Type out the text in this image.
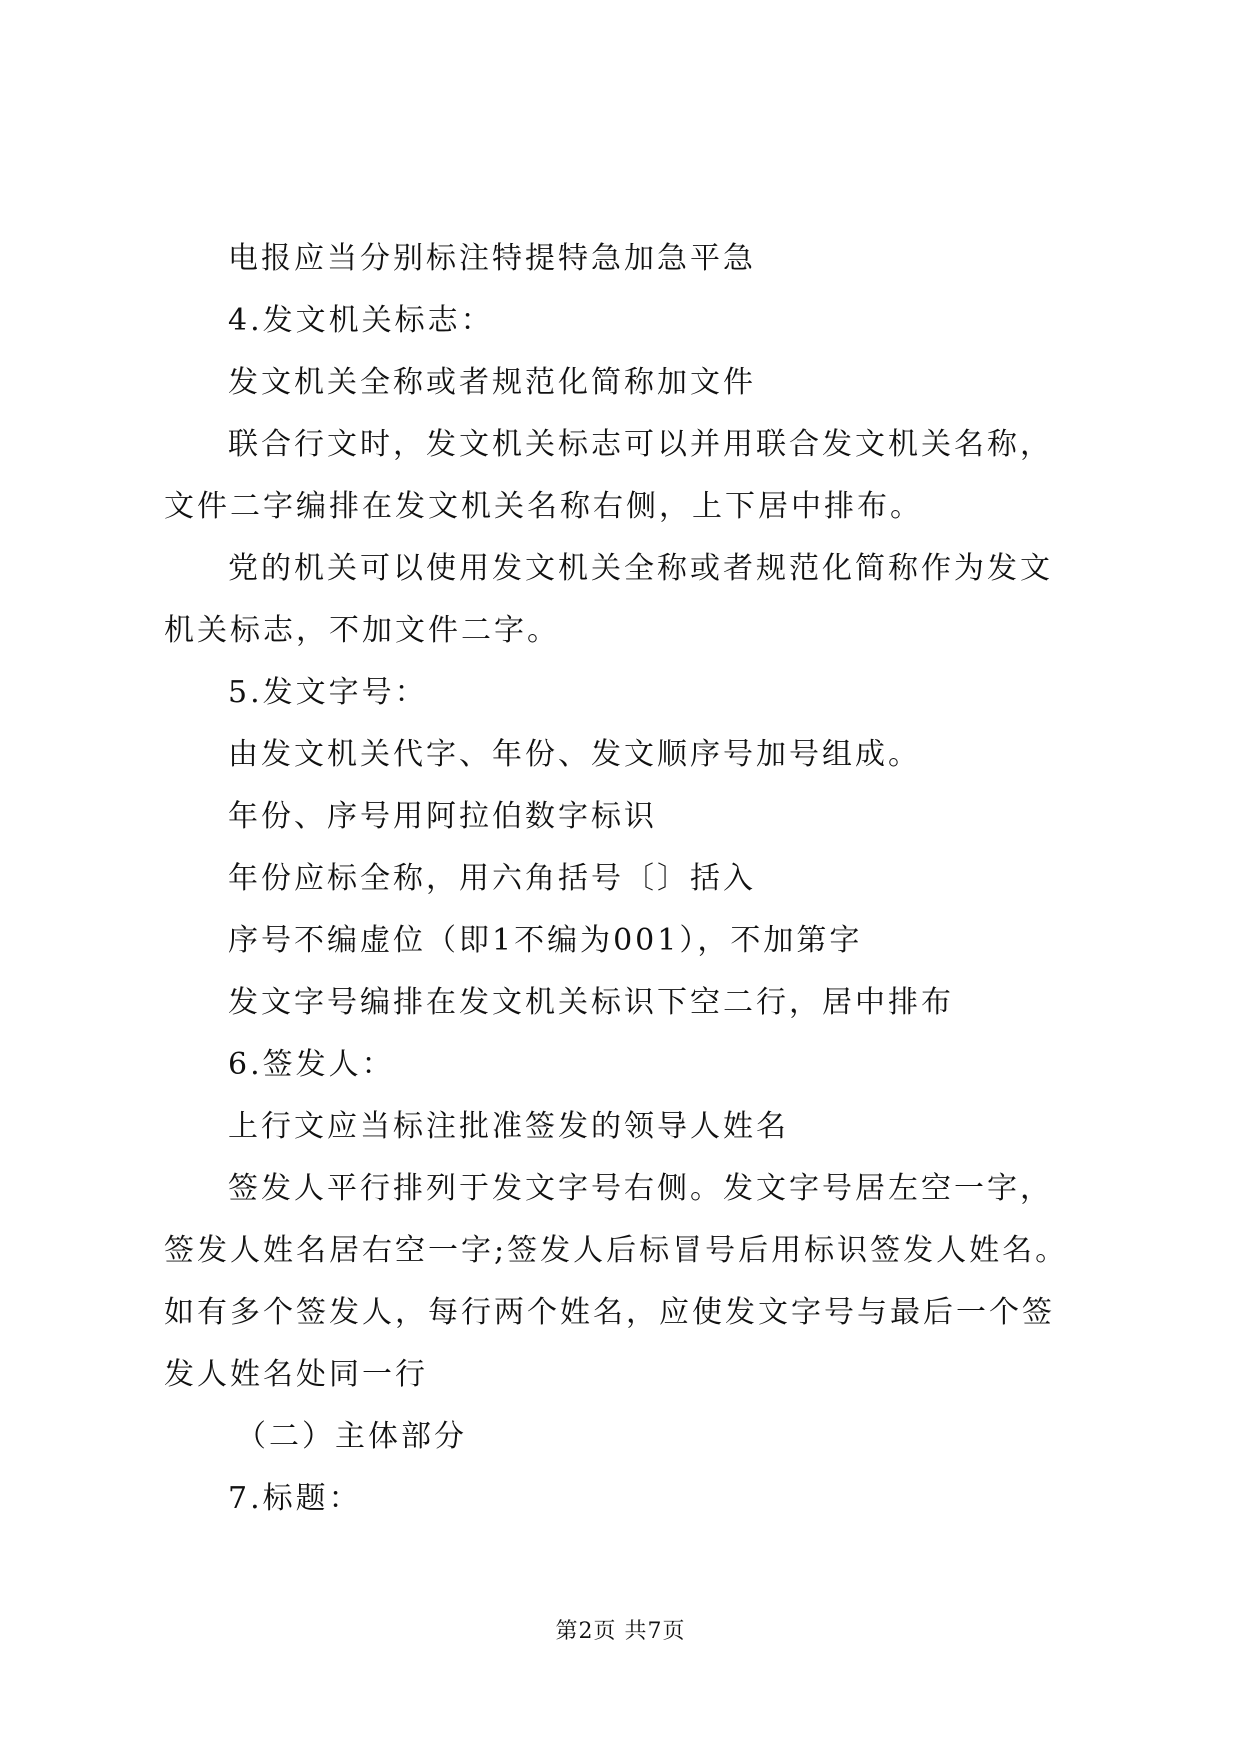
电报应当分别标注特提特急加急平急

4.发文机关标志：

发文机关全称或者规范化简称加文件

联合行文时，发文机关标志可以并用联合发文机关名称，文件二字编排在发文机关名称右侧，上下居中排布。

党的机关可以使用发文机关全称或者规范化简称作为发文机关标志，不加文件二字。

5.发文字号：

由发文机关代字、年份、发文顺序号加号组成。

年份、序号用阿拉伯数字标识

年份应标全称，用六角括号〔〕括入

序号不编虚位（即1不编为001），不加第字

发文字号编排在发文机关标识下空二行，居中排布

6.签发人：

上行文应当标注批准签发的领导人姓名

签发人平行排列于发文字号右侧。发文字号居左空一字，签发人姓名居右空一字;签发人后标冒号后用标识签发人姓名。如有多个签发人，每行两个姓名，应使发文字号与最后一个签发人姓名处同一行

（二）主体部分

7.标题：

第2页 共7页
